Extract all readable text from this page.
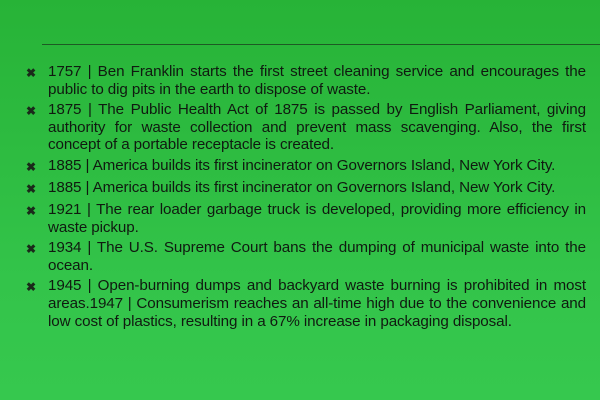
✖ 1757 | Ben Franklin starts the first street cleaning service and encourages the public to dig pits in the earth to dispose of waste.
✖ 1875 | The Public Health Act of 1875 is passed by English Parliament, giving authority for waste collection and prevent mass scavenging. Also, the first concept of a portable receptacle is created.
✖ 1885 | America builds its first incinerator on Governors Island, New York City.
✖ 1885 | America builds its first incinerator on Governors Island, New York City.
✖ 1921 | The rear loader garbage truck is developed, providing more efficiency in waste pickup.
✖ 1934 | The U.S. Supreme Court bans the dumping of municipal waste into the ocean.
✖ 1945 | Open-burning dumps and backyard waste burning is prohibited in most areas.1947 | Consumerism reaches an all-time high due to the convenience and low cost of plastics, resulting in a 67% increase in packaging disposal.
